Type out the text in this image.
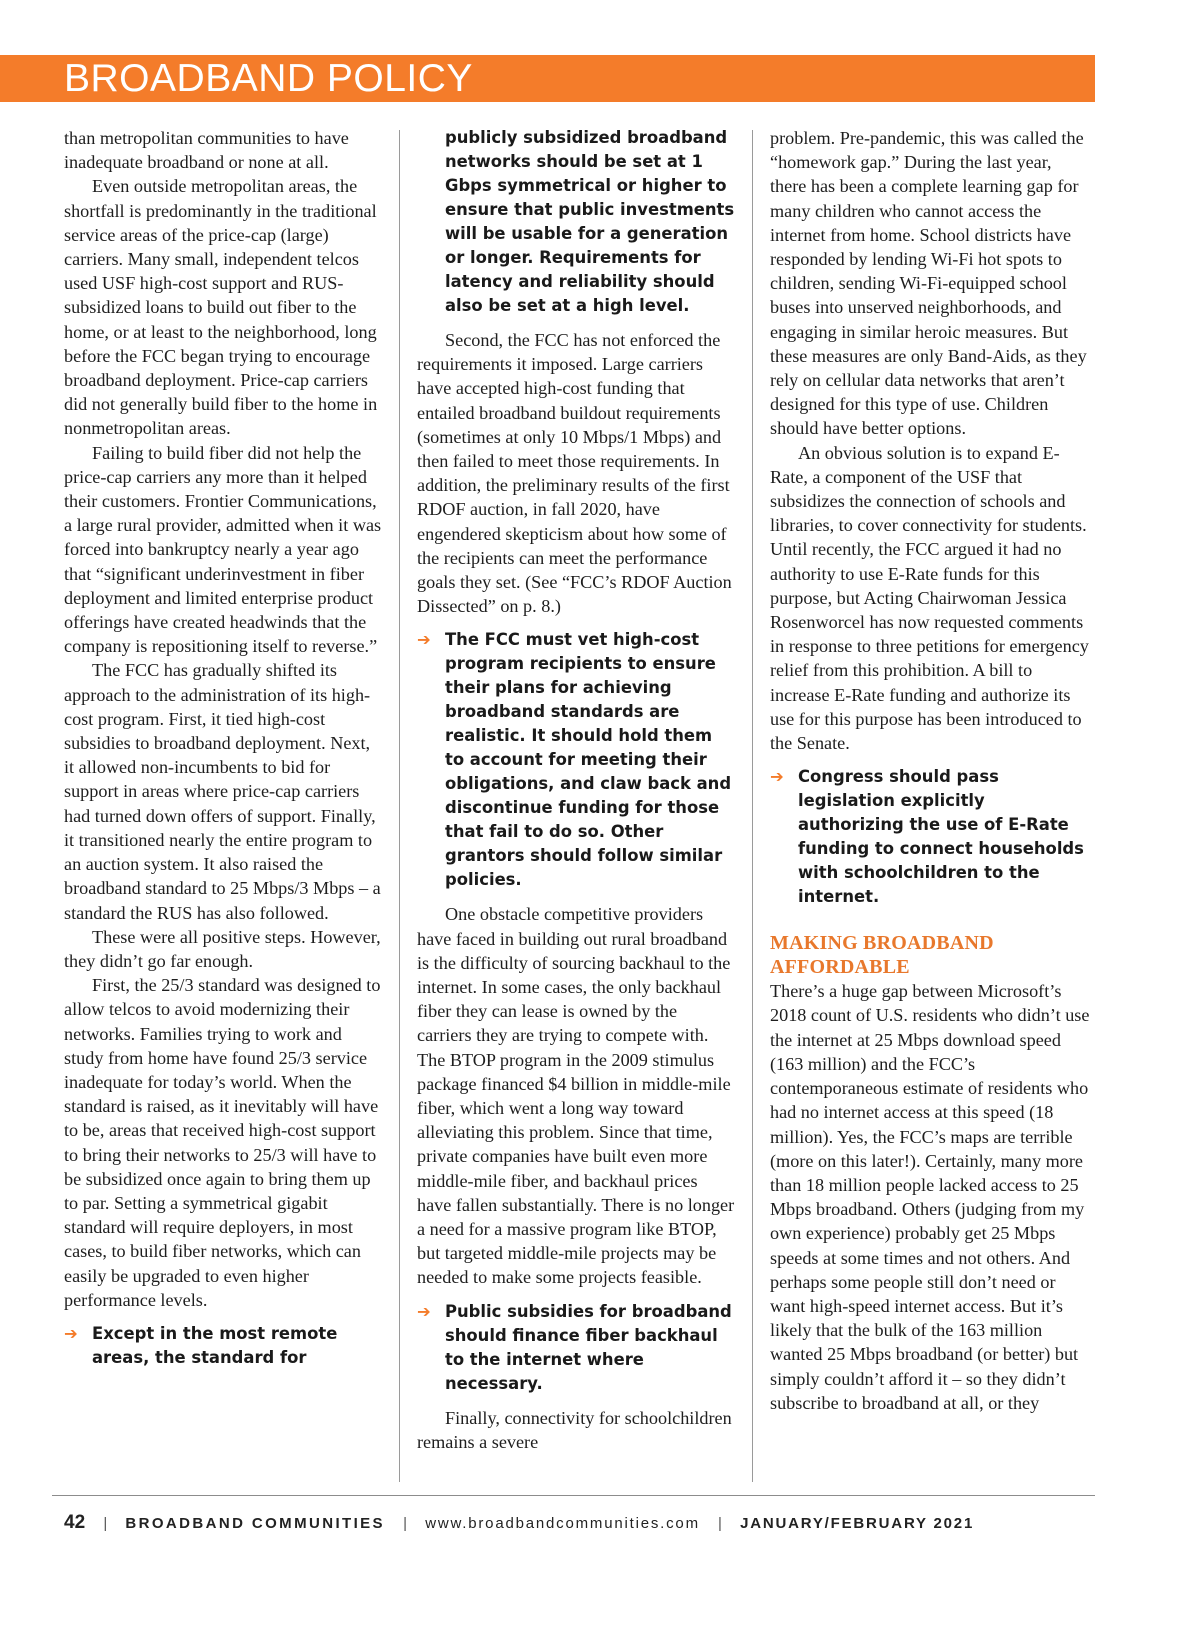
BROADBAND POLICY

than metropolitan communities to have inadequate broadband or none at all.

Even outside metropolitan areas, the shortfall is predominantly in the traditional service areas of the price-cap (large) carriers. Many small, independent telcos used USF high-cost support and RUS-subsidized loans to build out fiber to the home, or at least to the neighborhood, long before the FCC began trying to encourage broadband deployment. Price-cap carriers did not generally build fiber to the home in nonmetropolitan areas.

Failing to build fiber did not help the price-cap carriers any more than it helped their customers. Frontier Communications, a large rural provider, admitted when it was forced into bankruptcy nearly a year ago that “significant underinvestment in fiber deployment and limited enterprise product offerings have created headwinds that the company is repositioning itself to reverse.”

The FCC has gradually shifted its approach to the administration of its high-cost program. First, it tied high-cost subsidies to broadband deployment. Next, it allowed non-incumbents to bid for support in areas where price-cap carriers had turned down offers of support. Finally, it transitioned nearly the entire program to an auction system. It also raised the broadband standard to 25 Mbps/3 Mbps – a standard the RUS has also followed.

These were all positive steps. However, they didn’t go far enough.

First, the 25/3 standard was designed to allow telcos to avoid modernizing their networks. Families trying to work and study from home have found 25/3 service inadequate for today’s world. When the standard is raised, as it inevitably will have to be, areas that received high-cost support to bring their networks to 25/3 will have to be subsidized once again to bring them up to par. Setting a symmetrical gigabit standard will require deployers, in most cases, to build fiber networks, which can easily be upgraded to even higher performance levels.

➔ Except in the most remote areas, the standard for
publicly subsidized broadband networks should be set at 1 Gbps symmetrical or higher to ensure that public investments will be usable for a generation or longer. Requirements for latency and reliability should also be set at a high level.

Second, the FCC has not enforced the requirements it imposed. Large carriers have accepted high-cost funding that entailed broadband buildout requirements (sometimes at only 10 Mbps/1 Mbps) and then failed to meet those requirements. In addition, the preliminary results of the first RDOF auction, in fall 2020, have engendered skepticism about how some of the recipients can meet the performance goals they set. (See “FCC’s RDOF Auction Dissected” on p. 8.)

➔ The FCC must vet high-cost program recipients to ensure their plans for achieving broadband standards are realistic. It should hold them to account for meeting their obligations, and claw back and discontinue funding for those that fail to do so. Other grantors should follow similar policies.

One obstacle competitive providers have faced in building out rural broadband is the difficulty of sourcing backhaul to the internet. In some cases, the only backhaul fiber they can lease is owned by the carriers they are trying to compete with. The BTOP program in the 2009 stimulus package financed $4 billion in middle-mile fiber, which went a long way toward alleviating this problem. Since that time, private companies have built even more middle-mile fiber, and backhaul prices have fallen substantially. There is no longer a need for a massive program like BTOP, but targeted middle-mile projects may be needed to make some projects feasible.

➔ Public subsidies for broadband should finance fiber backhaul to the internet where necessary.

Finally, connectivity for schoolchildren remains a severe

problem. Pre-pandemic, this was called the “homework gap.” During the last year, there has been a complete learning gap for many children who cannot access the internet from home. School districts have responded by lending Wi-Fi hot spots to children, sending Wi-Fi-equipped school buses into unserved neighborhoods, and engaging in similar heroic measures. But these measures are only Band-Aids, as they rely on cellular data networks that aren’t designed for this type of use. Children should have better options.

An obvious solution is to expand E-Rate, a component of the USF that subsidizes the connection of schools and libraries, to cover connectivity for students. Until recently, the FCC argued it had no authority to use E-Rate funds for this purpose, but Acting Chairwoman Jessica Rosenworcel has now requested comments in response to three petitions for emergency relief from this prohibition. A bill to increase E-Rate funding and authorize its use for this purpose has been introduced to the Senate.

➔ Congress should pass legislation explicitly authorizing the use of E-Rate funding to connect households with schoolchildren to the internet.
MAKING BROADBAND AFFORDABLE

There’s a huge gap between Microsoft’s 2018 count of U.S. residents who didn’t use the internet at 25 Mbps download speed (163 million) and the FCC’s contemporaneous estimate of residents who had no internet access at this speed (18 million). Yes, the FCC’s maps are terrible (more on this later!). Certainly, many more than 18 million people lacked access to 25 Mbps broadband. Others (judging from my own experience) probably get 25 Mbps speeds at some times and not others. And perhaps some people still don’t need or want high-speed internet access. But it’s likely that the bulk of the 163 million wanted 25 Mbps broadband (or better) but simply couldn’t afford it – so they didn’t subscribe to broadband at all, or they

42 | BROADBAND COMMUNITIES | www.broadbandcommunities.com | JANUARY/FEBRUARY 2021
